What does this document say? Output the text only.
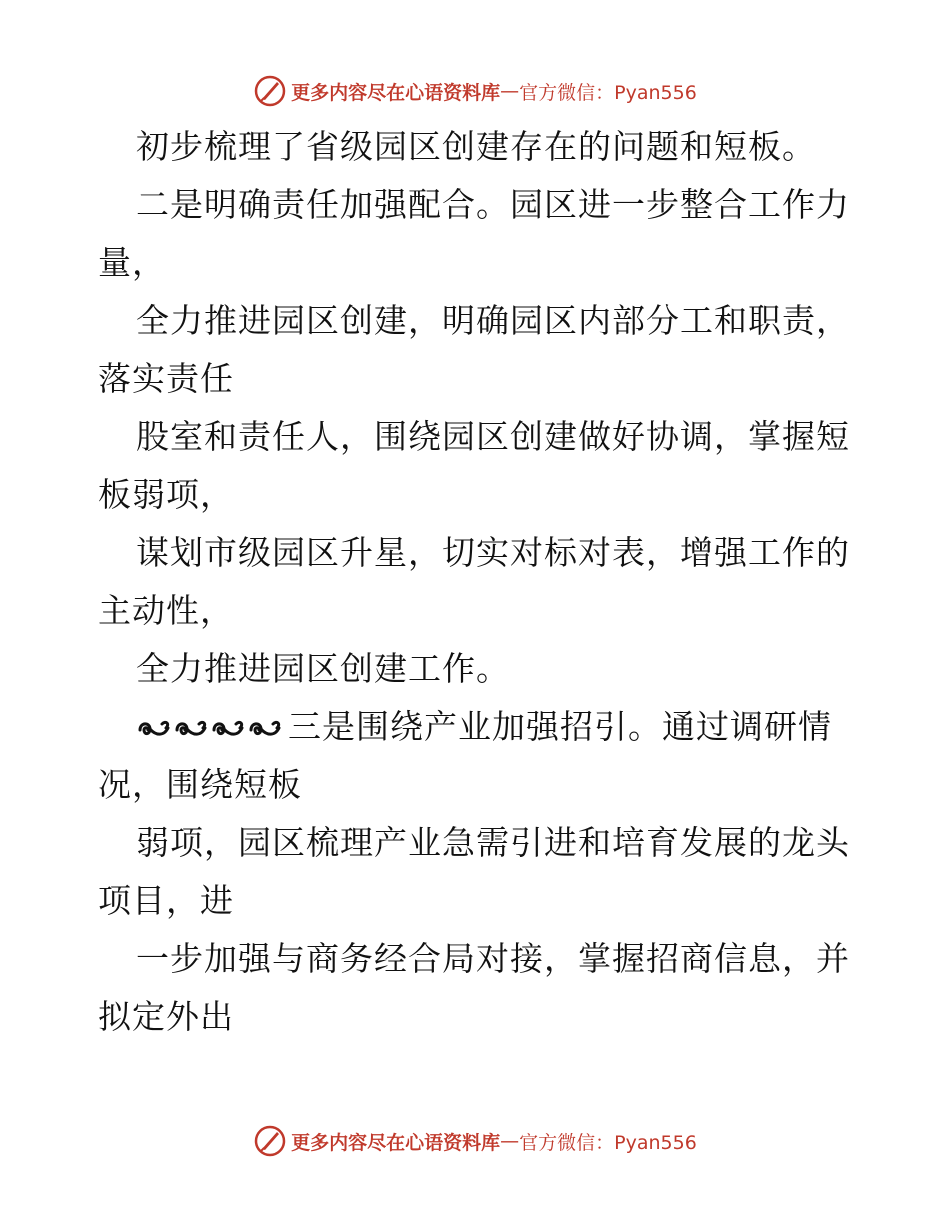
更多内容尽在心语资料库 — 官方微信：Pyan556
初步梳理了省级园区创建存在的问题和短板。
二是明确责任加强配合。园区进一步整合工作力
量，
全力推进园区创建，明确园区内部分工和职责，
落实责任
股室和责任人，围绕园区创建做好协调，掌握短
板弱项，
谋划市级园区升星，切实对标对表，增强工作的
主动性，
全力推进园区创建工作。
三是围绕产业加强招引。通过调研情
况，围绕短板
弱项，园区梳理产业急需引进和培育发展的龙头
项目，进
一步加强与商务经合局对接，掌握招商信息，并
拟定外出
更多内容尽在心语资料库 — 官方微信：Pyan556
